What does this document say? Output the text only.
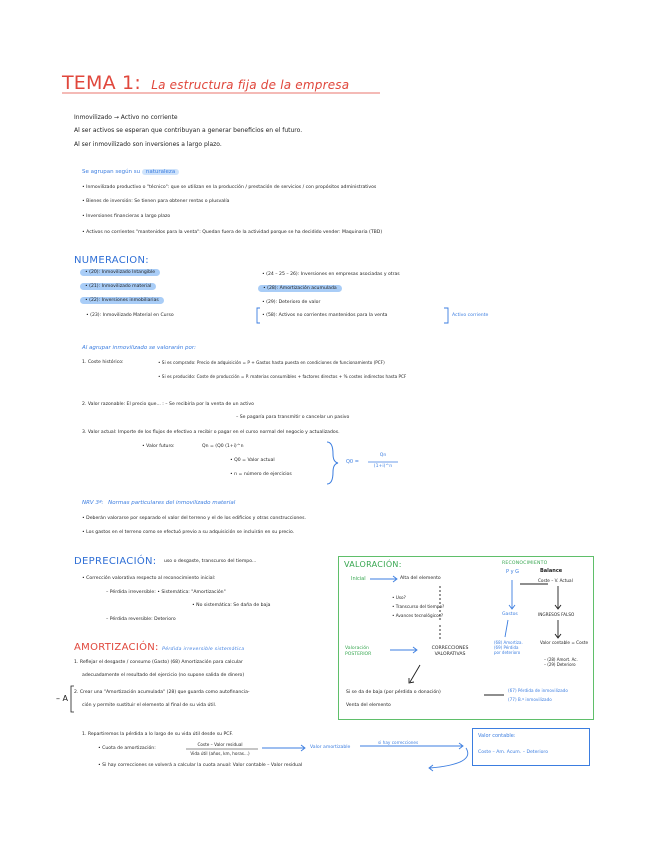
TEMA 1: La estructura fija de la empresa
Inmovilizado → Activo no corriente
Al ser activos se esperan que contribuyan a generar beneficios en el futuro.
Al ser inmovilizado son inversiones a largo plazo.
Se agrupan según su naturaleza
• Inmovilizado productivo o "técnico": que se utilizan en la producción / prestación de servicios / con propósitos administrativos
• Bienes de inversión: Se tienen para obtener rentas o plusvalía
• Inversiones financieras a largo plazo
• Activos no corrientes "mantenidos para la venta": Quedan fuera de la actividad porque se ha decidido vender: Maquinaria (TBD)
NUMERACION:
• (20): Inmovilizado Intangible
• (21): Inmovilizado material
• (22): Inversiones inmobiliarias
• (23): Inmovilizado Material en Curso
• (24 – 25 – 26): Inversiones en empresas asociadas y otras
• (28): Amortización acumulada
• (29): Deterioro de valor
• (58): Activos no corrientes mantenidos para la venta	Activo corriente
Al agrupar inmovilizado se valorarán por:
1. Coste histórico:	• Si es comprado: Precio de adquisición = P + Gastos hasta puesta en condiciones de funcionamiento (PCF)
• Si es producido: Coste de producción = P. materias consumibles + factores directos + % costes indirectos hasta PCF
2. Valor razonable: El precio que... : – Se recibiría por la venta de un activo
– Se pagaría para transmitir o cancelar un pasivo
3. Valor actual: Importe de los flujos de efectivo a recibir o pagar en el curso normal del negocio y actualizados.
• Valor futuro:	Qn = (Q0 (1+i)^n
• Q0 = Valor actual
• n = número de ejercicios
Q0 =
Qn
(1+i)^n
NRV 3ª: Normas particulares del inmovilizado material
• Deberán valorarse por separado el valor del terreno y el de los edificios y otras construcciones.
• Los gastos en el terreno como se efectuó previo a su adquisición se incluirán en su precio.
DEPRECIACIÓN: uso o desgaste, transcurso del tiempo...
• Corrección valorativa respecto al reconocimiento inicial:
– Pérdida irreversible: • Sistemática: "Amortización"
• No sistemática: Se daña de baja
– Pérdida reversible: Deterioro
AMORTIZACIÓN: Pérdida irreversible sistemática
1. Reflejar el desgaste / consumo (Gasto) (68) Amortización para calcular
adecuadamente el resultado del ejercicio (no supone salida de dinero)
2. Crear una "Amortización acumulada" (28) que guarda como autofinancia-
ción y permite sustituir el elemento al final de su vida útil.
– A
VALORACIÓN:	RECONOCIMIENTO
Inicial	Alta del elemento
• Uso?
• Transcurso del tiempo?
• Avances tecnológicos?
P y G	Balance
Coste – V. Actual
Gastos	INGRESOS FALSO
(68) Amortiza.
(69) Pérdida
por deterioro
Valor contable = Coste
– (28) Amort. Ac.
– (29) Deterioro
Valoración POSTERIOR
CORRECCIONES VALORATIVAS
Si se da de baja (por pérdida o donación)	(67) Pérdida de inmovilizado
(77) B.º inmovilizado
Venta del elemento
1. Repartiremos la pérdida a lo largo de su vida útil desde su PCF.
• Cuota de amortización:
Coste – Valor residual
Vida útil (años, km, horas...)
Valor amortizable
si hay correcciones
• Si hay correcciones se volverá a calcular la cuota anual: Valor contable – Valor residual
Valor contable:
Coste – Am. Acum. – Deterioro
